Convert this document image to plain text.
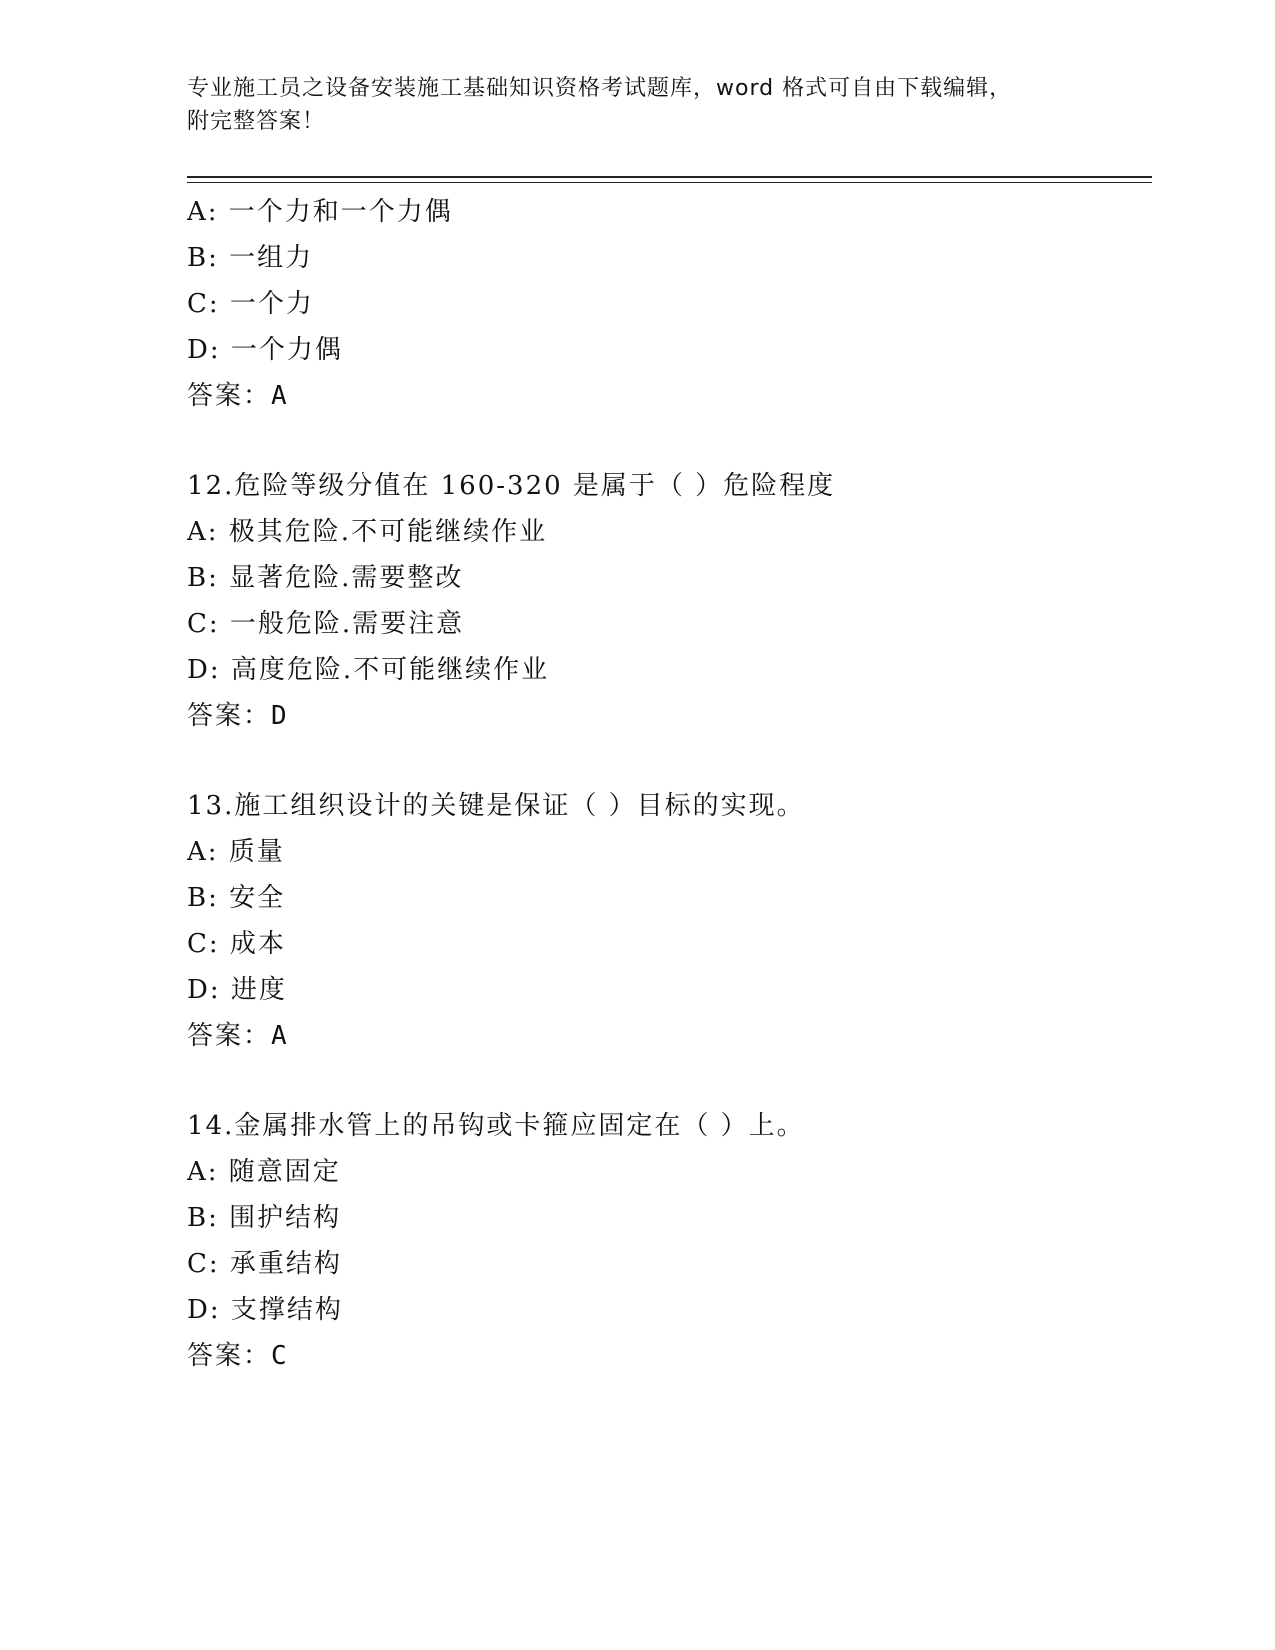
专业施工员之设备安装施工基础知识资格考试题库，word 格式可自由下载编辑，
附完整答案！
A: 一个力和一个力偶
B: 一组力
C: 一个力
D: 一个力偶
答案：A
12.危险等级分值在 160-320 是属于（ ）危险程度
A: 极其危险.不可能继续作业
B: 显著危险.需要整改
C: 一般危险.需要注意
D: 高度危险.不可能继续作业
答案：D
13.施工组织设计的关键是保证（ ）目标的实现。
A: 质量
B: 安全
C: 成本
D: 进度
答案：A
14.金属排水管上的吊钩或卡箍应固定在（ ）上。
A: 随意固定
B: 围护结构
C: 承重结构
D: 支撑结构
答案：C
